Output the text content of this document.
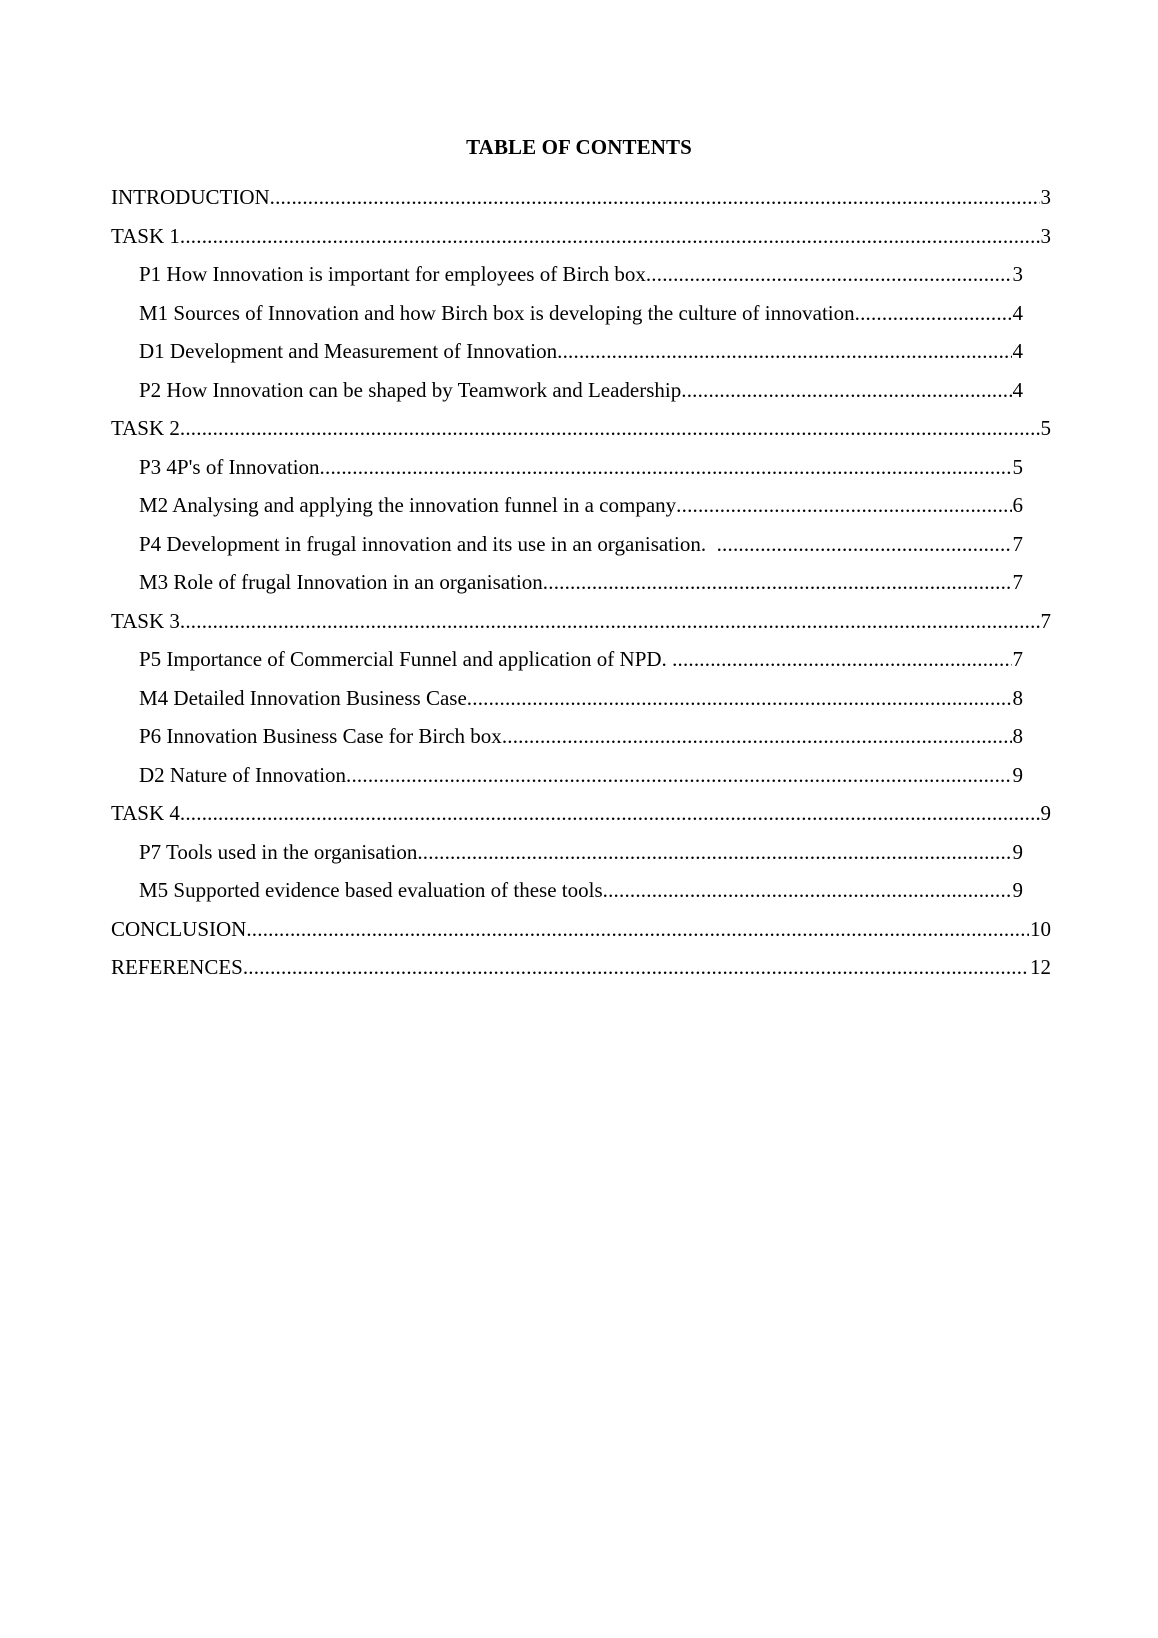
TABLE OF CONTENTS
INTRODUCTION .....	3
TASK 1 .....	3
P1 How Innovation is important for employees of Birch box .....	3
M1 Sources of Innovation and how Birch box is developing the culture of innovation .....	4
D1 Development and Measurement of Innovation .....	4
P2 How Innovation can be shaped by Teamwork and Leadership .....	4
TASK 2 .....	5
P3 4P's of Innovation .....	5
M2 Analysing and applying the innovation funnel in a company .....	6
P4 Development in frugal innovation and its use in an organisation. .....	7
M3 Role of frugal Innovation in an organisation .....	7
TASK 3 .....	7
P5 Importance of Commercial Funnel and application of NPD. .....	7
M4 Detailed Innovation Business Case .....	8
P6 Innovation Business Case for Birch box .....	8
D2 Nature of Innovation .....	9
TASK 4 .....	9
P7 Tools used in the organisation .....	9
M5 Supported evidence based evaluation of these tools .....	9
CONCLUSION .....	10
REFERENCES .....	12
